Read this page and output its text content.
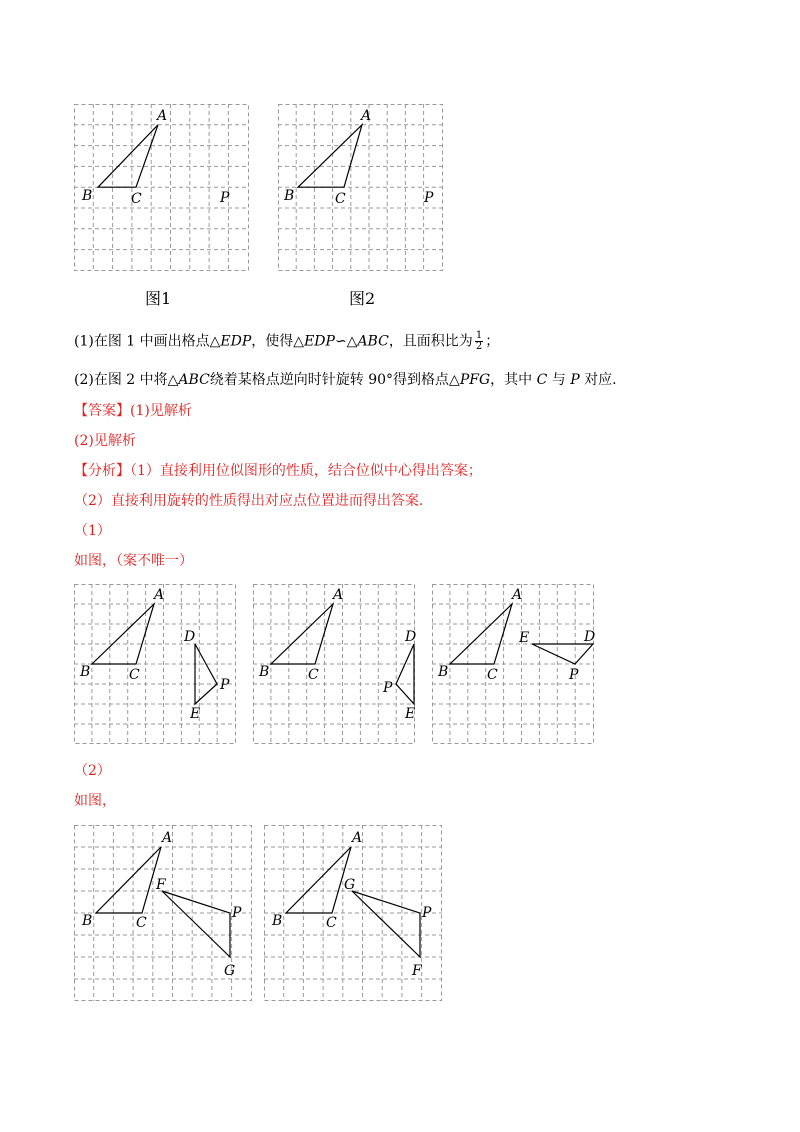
A
B	C	P
图1
A
B	C	P
图2
(1)在图 1 中画出格点△EDP，使得△EDP∽△ABC，且面积比为 $\frac{1}{2}$ ；
(2)在图 2 中将△ABC绕着某格点逆向时针旋转 90°得到格点△PFG，其中 C 与 P 对应.
【答案】(1)见解析
(2)见解析
【分析】（1）直接利用位似图形的性质，结合位似中心得出答案；
（2）直接利用旋转的性质得出对应点位置进而得出答案.
（1）
如图，（案不唯一）
A
B	C
D
P
E
A
B	C
D
P
E
A
B	C
E	D
P
（2）
如图，
A
B	C
F
P
G
A
B	C
G
P
F
